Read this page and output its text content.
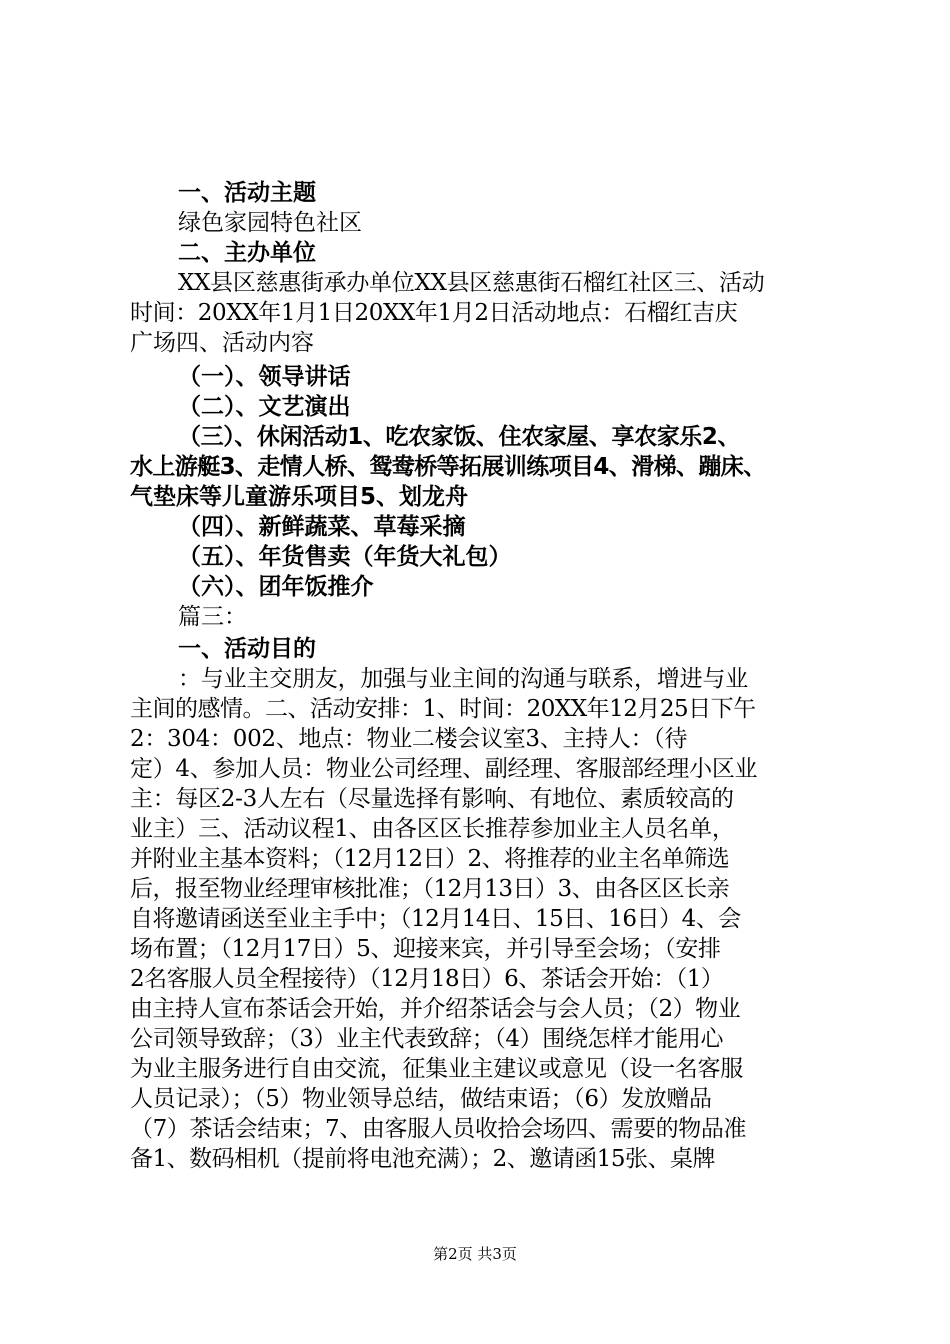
一、活动主题
绿色家园特色社区
二、主办单位
XX县区慈惠街承办单位XX县区慈惠街石榴红社区三、活动
时间：20XX年1月1日20XX年1月2日活动地点：石榴红吉庆
广场四、活动内容
（一）、领导讲话
（二）、文艺演出
（三）、休闲活动1、吃农家饭、住农家屋、享农家乐2、
水上游艇3、走情人桥、鸳鸯桥等拓展训练项目4、滑梯、蹦床、
气垫床等儿童游乐项目5、划龙舟
（四）、新鲜蔬菜、草莓采摘
（五）、年货售卖（年货大礼包）
（六）、团年饭推介
篇三：
一、活动目的
：与业主交朋友，加强与业主间的沟通与联系，增进与业
主间的感情。二、活动安排：1、时间：20XX年12月25日下午
2：304：002、地点：物业二楼会议室3、主持人：（待
定）4、参加人员：物业公司经理、副经理、客服部经理小区业
主：每区2-3人左右（尽量选择有影响、有地位、素质较高的
业主）三、活动议程1、由各区区长推荐参加业主人员名单，
并附业主基本资料；（12月12日）2、将推荐的业主名单筛选
后，报至物业经理审核批准；（12月13日）3、由各区区长亲
自将邀请函送至业主手中；（12月14日、15日、16日）4、会
场布置；（12月17日）5、迎接来宾，并引导至会场；（安排
2名客服人员全程接待）（12月18日）6、茶话会开始：（1）
由主持人宣布茶话会开始，并介绍茶话会与会人员；（2）物业
公司领导致辞；（3）业主代表致辞；（4）围绕怎样才能用心
为业主服务进行自由交流，征集业主建议或意见（设一名客服
人员记录）；（5）物业领导总结，做结束语；（6）发放赠品
（7）茶话会结束；7、由客服人员收拾会场四、需要的物品准
备1、数码相机（提前将电池充满）；2、邀请函15张、桌牌
第2页 共3页
